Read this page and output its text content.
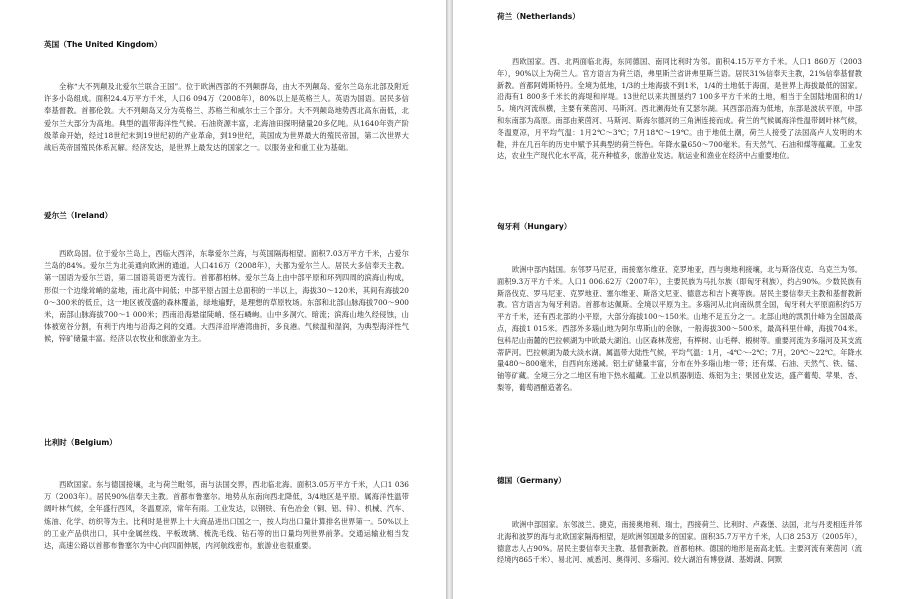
英国（The United Kingdom）

全称“大不列颠及北爱尔兰联合王国”。位于欧洲西部的不列颠群岛，由大不列颠岛、爱尔兰岛东北部及附近许多小岛组成。面积24.4万平方千米，人口6 094万（2008年），80%以上是英格兰人。英语为国语。居民多信奉基督教。首都伦敦。大不列颠岛又分为英格兰、苏格兰和威尔士三个部分。大不列颠岛地势西北高东南低，北爱尔兰大部分为高地。典型的温带海洋性气候。石油资源丰富，北海油田探明储量20多亿吨。从1640年资产阶级革命开始，经过18世纪末到19世纪初的产业革命，到19世纪，英国成为世界最大的殖民帝国，第二次世界大战后英帝国殖民体系瓦解。经济发达，是世界上最发达的国家之一。以服务业和重工业为基础。

爱尔兰（Ireland）

西欧岛国。位于爱尔兰岛上，西临大西洋，东靠爱尔兰海，与英国隔海相望。面积7.03万平方千米，占爱尔兰岛的84%。爱尔兰为北美通向欧洲的通道。人口416万（2008年），大都为爱尔兰人。居民大多信奉天主教。第一国语为爱尔兰语，第二国语英语更为流行。首都都柏林。爱尔兰岛上由中部平原和环列四周的滨海山构成，形似一个边缘耸峭的盆地，南北高中间低；中部平原占国土总面积的一半以上，海拔30～120米，其间有海拔200～300米的低丘，这一地区被茂盛的森林覆盖，绿地遍野，是理想的草原牧场。东部和北部山脉海拔700～900米，南部山脉海拔700～1 000米；西南沿海悬崖陡峭、怪石嶙峋。山中多洞穴、暗流；滨海山地久经侵蚀，山体被宽谷分割，有利于内地与沿海之间的交通。大西洋沿岸港湾曲折，多良港。气候温和湿润，为典型海洋性气候，锌矿储量丰富。经济以农牧业和旅游业为主。

比利时（Belgium）

西欧国家。东与德国接壤，北与荷兰毗邻，南与法国交界，西北临北海。面积3.05万平方千米，人口1 036万（2003年）。居民90%信奉天主教。首都布鲁塞尔。地势从东南向西北降低，3/4地区是平原。属海洋性温带阔叶林气候，全年盛行西风，冬温夏凉，常年有雨。工业发达，以钢铁、有色冶金（铜、铝、锌）、机械、汽车、炼油、化学、纺织等为主。比利时是世界上十大商品进出口国之一，按人均出口量计算排名世界第一。50%以上的工业产品供出口，其中金属丝线、平板玻璃、梳洗毛线、钻石等的出口量均列世界前茅。交通运输业相当发达，高速公路以首都布鲁塞尔为中心向四面伸展，内河航线密布，旅游业也很重要。

荷兰（Netherlands）

西欧国家。西、北两面临北海，东同德国、南同比利时为邻。面积4.15万平方千米。人口1 860万（2003年），90%以上为荷兰人。官方语言为荷兰语，弗里斯兰省讲弗里斯兰语。居民31%信奉天主教，21%信奉基督教新教。首都阿姆斯特丹。全境为低地，1/3的土地海拔不到1米，1/4的土地低于海面，是世界上海拔最低的国家。沿海有1 800多千米长的海堤和岸堤。13世纪以来共围垦约7 100多平方千米的土地，相当于全国陆地面积的1/5。境内河流纵横，主要有莱茵河、马斯河。西北濒海处有艾瑟尔湖。其西部沿海为低地，东部是波状平原，中部和东南部为高原。南部由莱茵河、马斯河、斯海尔德河的三角洲连接而成。荷兰的气候属海洋性温带阔叶林气候，冬温夏凉，月平均气温：1月2℃～3℃；7月18℃～19℃。由于地低土潮，荷兰人接受了法国高卢人发明的木鞋，并在几百年的历史中赋予其典型的荷兰特色。年降水量650～700毫米。有天然气、石油和煤等蕴藏。工业发达，农业生产现代化水平高，花卉种植多，旅游业发达。航运业和渔业在经济中占重要地位。

匈牙利（Hungary）

欧洲中部内陆国。东邻罗马尼亚，南接塞尔维亚、克罗地亚，西与奥地利接壤，北与斯洛伐克、乌克兰为邻。面积9.3万平方千米。人口1 006.62万（2007年），主要民族为马扎尔族（即匈牙利族），约占90%。少数民族有斯洛伐克、罗马尼亚、克罗地亚、塞尔维亚、斯洛文尼亚、德意志和吉卜赛等族。居民主要信奉天主教和基督教新教。官方语言为匈牙利语。首都布达佩斯。全境以平原为主。多瑙河从北向南纵贯全国，匈牙利大平原面积约5万平方千米，还有西北部的小平原，大部分海拔100～150米。山地不足五分之一。北部山地的凯凯什峰为全国最高点，海拔1 015米。西部外多瑙山地为阿尔卑斯山的余脉，一般海拔300～500米，最高科里什峰，海拔704米。包科尼山南麓的巴拉顿湖为中欧最大湖泊。山区森林茂密，有榉树、山毛榉、椴树等。重要河流为多瑙河及其支流蒂萨河。巴拉顿湖为最大淡水湖。属温带大陆性气候，平均气温：1月，-4℃～-2℃；7月，20℃～22℃。年降水量480～800毫米，自西向东递减。铝土矿储量丰富，分布在外多瑙山地一带；还有煤、石油、天然气、铁、锰、铀等矿藏。全境三分之二地区有地下热水蕴藏。工业以机器制造、炼铝为主；果园业发达，盛产葡萄、苹果、杏、梨等，葡萄酒酿造著名。

德国（Germany）

欧洲中部国家。东邻波兰、捷克，南接奥地利、瑞士，西接荷兰、比利时、卢森堡、法国，北与丹麦相连并邻北海和波罗的海与北欧国家隔海相望，是欧洲邻国最多的国家。面积35.7万平方千米，人口8 253万（2005年），德意志人占90%。居民主要信奉天主教、基督教新教。首都柏林。德国的地形是南高北低。主要河流有莱茵河（流经境内865千米）、易北河、威悉河、奥得河、多瑙河。较大湖泊有博登湖、基姆湖、阿默
